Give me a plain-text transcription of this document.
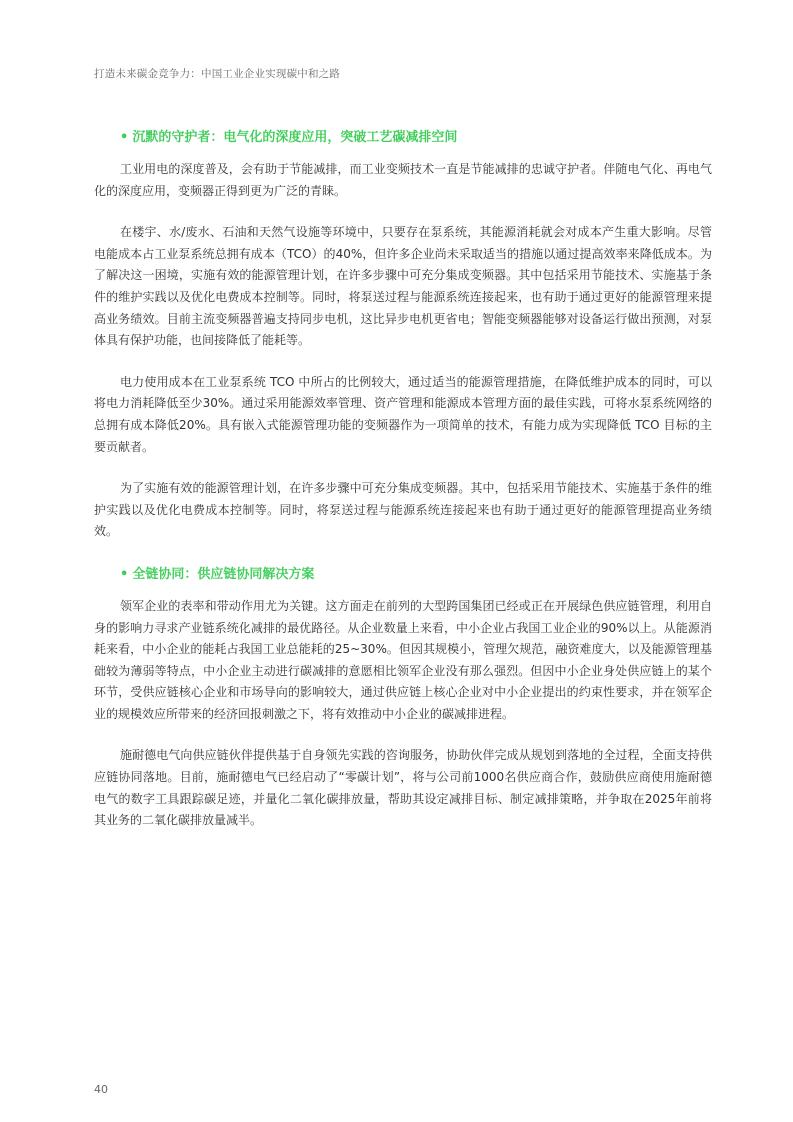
打造未来碳金竞争力：中国工业企业实现碳中和之路
• 沉默的守护者：电气化的深度应用，突破工艺碳减排空间

工业用电的深度普及，会有助于节能减排，而工业变频技术一直是节能减排的忠诚守护者。伴随电气化、再电气化的深度应用，变频器正得到更为广泛的青睐。

在楼宇、水/废水、石油和天然气设施等环境中，只要存在泵系统，其能源消耗就会对成本产生重大影响。尽管电能成本占工业泵系统总拥有成本（TCO）的40%，但许多企业尚未采取适当的措施以通过提高效率来降低成本。为了解决这一困境，实施有效的能源管理计划，在许多步骤中可充分集成变频器。其中包括采用节能技术、实施基于条件的维护实践以及优化电费成本控制等。同时，将泵送过程与能源系统连接起来，也有助于通过更好的能源管理来提高业务绩效。目前主流变频器普遍支持同步电机，这比异步电机更省电；智能变频器能够对设备运行做出预测，对泵体具有保护功能，也间接降低了能耗等。

电力使用成本在工业泵系统 TCO 中所占的比例较大，通过适当的能源管理措施，在降低维护成本的同时，可以将电力消耗降低至少30%。通过采用能源效率管理、资产管理和能源成本管理方面的最佳实践，可将水泵系统网络的总拥有成本降低20%。具有嵌入式能源管理功能的变频器作为一项简单的技术，有能力成为实现降低 TCO 目标的主要贡献者。

为了实施有效的能源管理计划，在许多步骤中可充分集成变频器。其中，包括采用节能技术、实施基于条件的维护实践以及优化电费成本控制等。同时，将泵送过程与能源系统连接起来也有助于通过更好的能源管理提高业务绩效。

• 全链协同：供应链协同解决方案

领军企业的表率和带动作用尤为关键。这方面走在前列的大型跨国集团已经或正在开展绿色供应链管理，利用自身的影响力寻求产业链系统化减排的最优路径。从企业数量上来看，中小企业占我国工业企业的90%以上。从能源消耗来看，中小企业的能耗占我国工业总能耗的25~30%。但因其规模小，管理欠规范，融资难度大，以及能源管理基础较为薄弱等特点，中小企业主动进行碳减排的意愿相比领军企业没有那么强烈。但因中小企业身处供应链上的某个环节，受供应链核心企业和市场导向的影响较大，通过供应链上核心企业对中小企业提出的约束性要求，并在领军企业的规模效应所带来的经济回报刺激之下，将有效推动中小企业的碳减排进程。

施耐德电气向供应链伙伴提供基于自身领先实践的咨询服务，协助伙伴完成从规划到落地的全过程，全面支持供应链协同落地。目前，施耐德电气已经启动了“零碳计划”，将与公司前1000名供应商合作，鼓励供应商使用施耐德电气的数字工具跟踪碳足迹，并量化二氧化碳排放量，帮助其设定减排目标、制定减排策略，并争取在2025年前将其业务的二氧化碳排放量减半。

40
